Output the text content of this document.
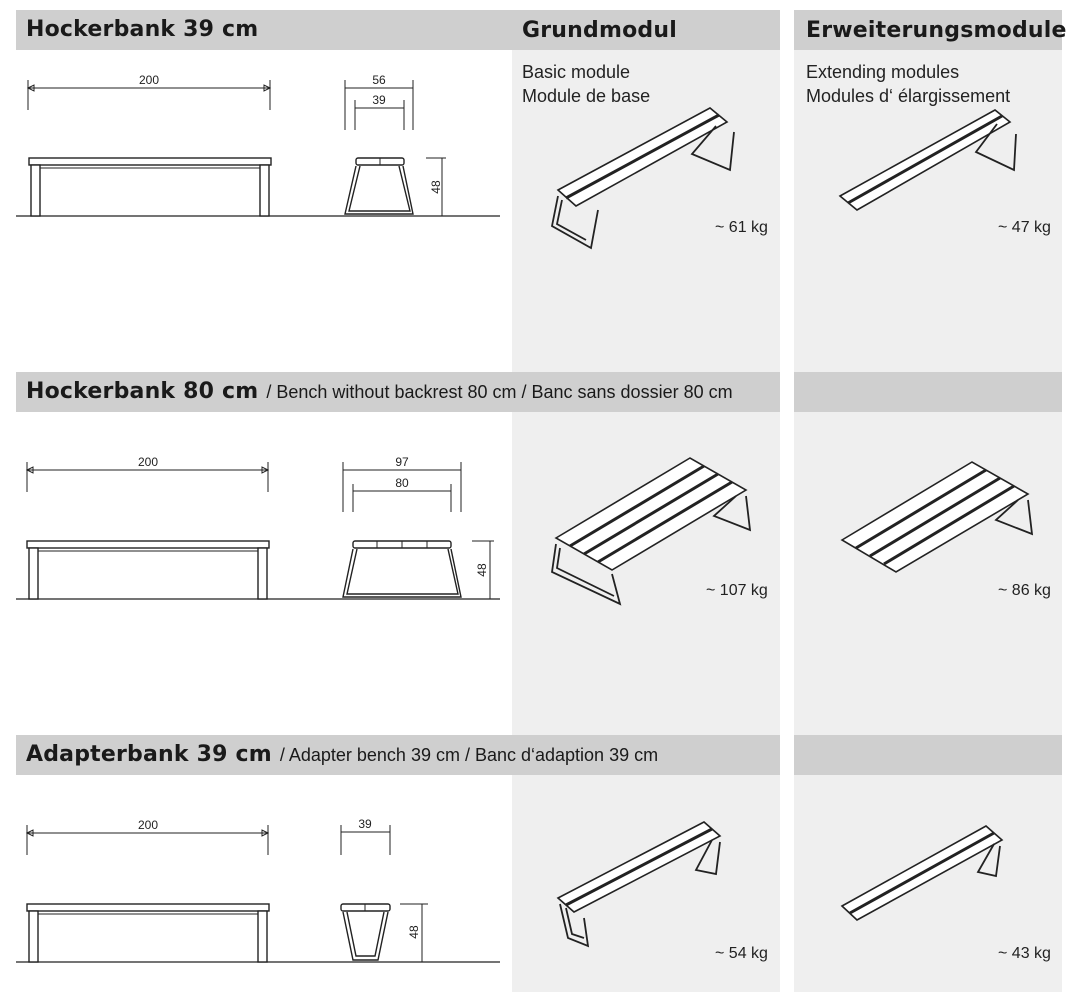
Hockerbank 39 cm	Grundmodul	Erweiterungsmodule
Basic module
Module de base
Extending modules
Modules d‘ élargissement
200	56
39
48
~ 61 kg	~ 47 kg
Hockerbank 80 cm / Bench without backrest 80 cm / Banc sans dossier 80 cm
200	97
80
48
~ 107 kg	~ 86 kg
Adapterbank 39 cm / Adapter bench 39 cm / Banc d‘adaption 39 cm
200	39
48
~ 54 kg	~ 43 kg
